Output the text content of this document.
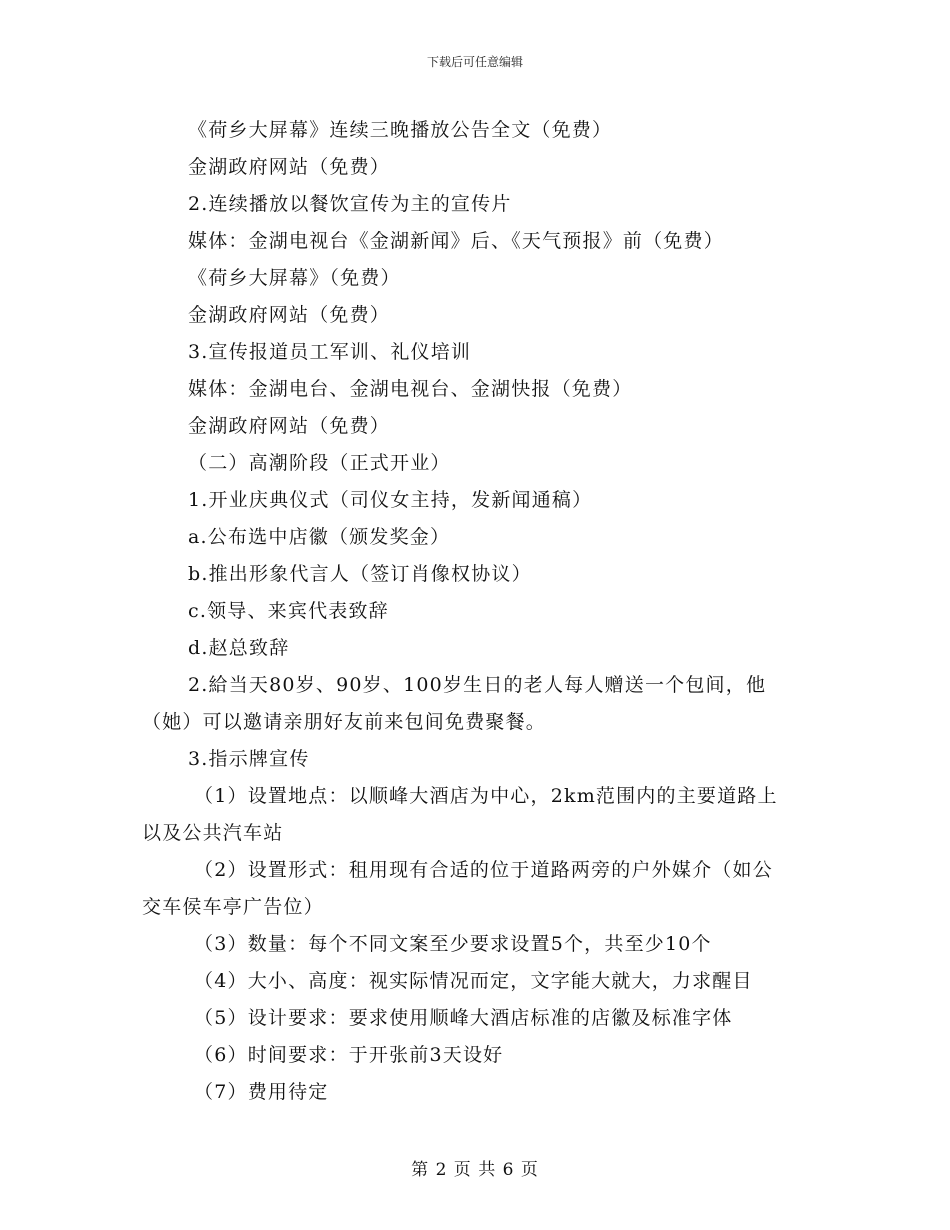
下载后可任意编辑
《荷乡大屏幕》连续三晚播放公告全文（免费）
金湖政府网站（免费）
2.连续播放以餐饮宣传为主的宣传片
媒体：金湖电视台《金湖新闻》后、《天气预报》前（免费）
《荷乡大屏幕》（免费）
金湖政府网站（免费）
3.宣传报道员工军训、礼仪培训
媒体：金湖电台、金湖电视台、金湖快报（免费）
金湖政府网站（免费）
（二）高潮阶段（正式开业）
1.开业庆典仪式（司仪女主持，发新闻通稿）
a.公布选中店徽（颁发奖金）
b.推出形象代言人（签订肖像权协议）
c.领导、来宾代表致辞
d.赵总致辞
2.給当天80岁、90岁、100岁生日的老人每人赠送一个包间，他
（她）可以邀请亲朋好友前来包间免费聚餐。
3.指示牌宣传
（1）设置地点：以顺峰大酒店为中心，2km范围内的主要道路上
以及公共汽车站
（2）设置形式：租用现有合适的位于道路两旁的户外媒介（如公
交车侯车亭广告位）
（3）数量：每个不同文案至少要求设置5个，共至少10个
（4）大小、高度：视实际情况而定，文字能大就大，力求醒目
（5）设计要求：要求使用顺峰大酒店标准的店徽及标准字体
（6）时间要求：于开张前3天设好
（7）费用待定
第 2 页 共 6 页
